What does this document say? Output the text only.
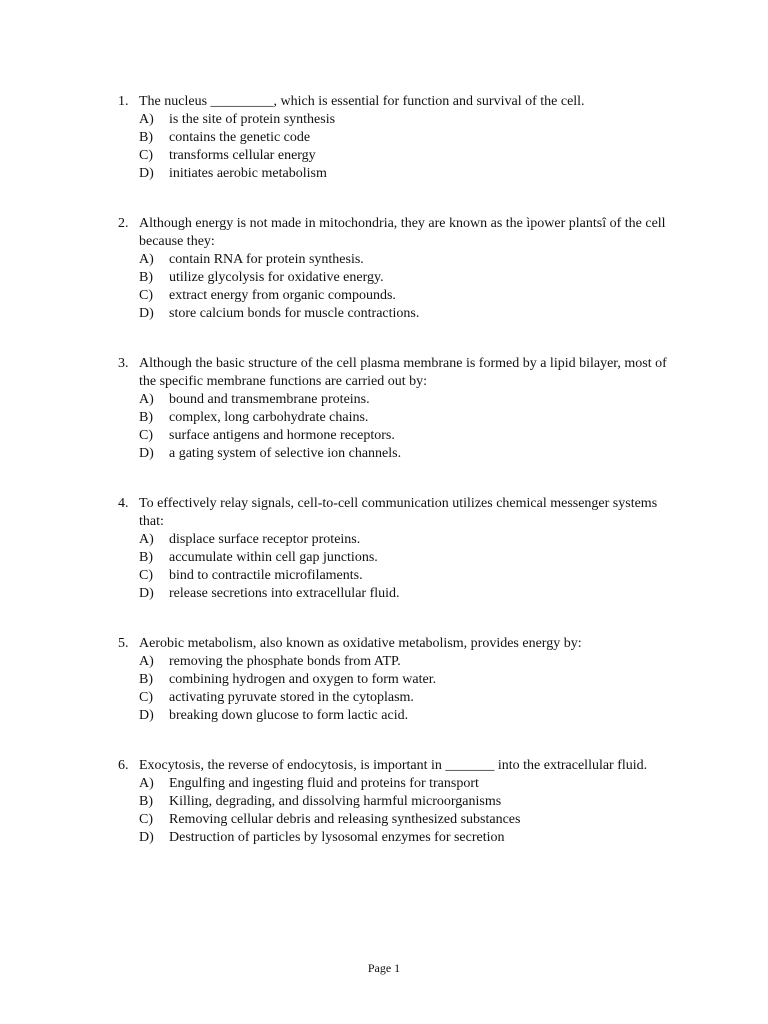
1. The nucleus _________, which is essential for function and survival of the cell.
A)	is the site of protein synthesis
B)	contains the genetic code
C)	transforms cellular energy
D)	initiates aerobic metabolism
2. Although energy is not made in mitochondria, they are known as the ìpower plantsî of the cell because they:
A)	contain RNA for protein synthesis.
B)	utilize glycolysis for oxidative energy.
C)	extract energy from organic compounds.
D)	store calcium bonds for muscle contractions.
3. Although the basic structure of the cell plasma membrane is formed by a lipid bilayer, most of the specific membrane functions are carried out by:
A)	bound and transmembrane proteins.
B)	complex, long carbohydrate chains.
C)	surface antigens and hormone receptors.
D)	a gating system of selective ion channels.
4. To effectively relay signals, cell-to-cell communication utilizes chemical messenger systems  that:
A)	displace surface receptor proteins.
B)	accumulate within cell gap junctions.
C)	bind to contractile microfilaments.
D)	release secretions into extracellular fluid.
5. Aerobic metabolism, also known as oxidative metabolism, provides energy by:
A)	removing the phosphate bonds from ATP.
B)	combining hydrogen and oxygen to form water.
C)	activating pyruvate stored in the cytoplasm.
D)	breaking down glucose to form lactic acid.
6. Exocytosis, the reverse of endocytosis, is important in _______ into the extracellular fluid.
A)	Engulfing and ingesting fluid and proteins for transport
B)	Killing, degrading, and dissolving harmful microorganisms
C)	Removing cellular debris and releasing synthesized substances
D)	Destruction of particles by lysosomal enzymes for secretion
Page 1
